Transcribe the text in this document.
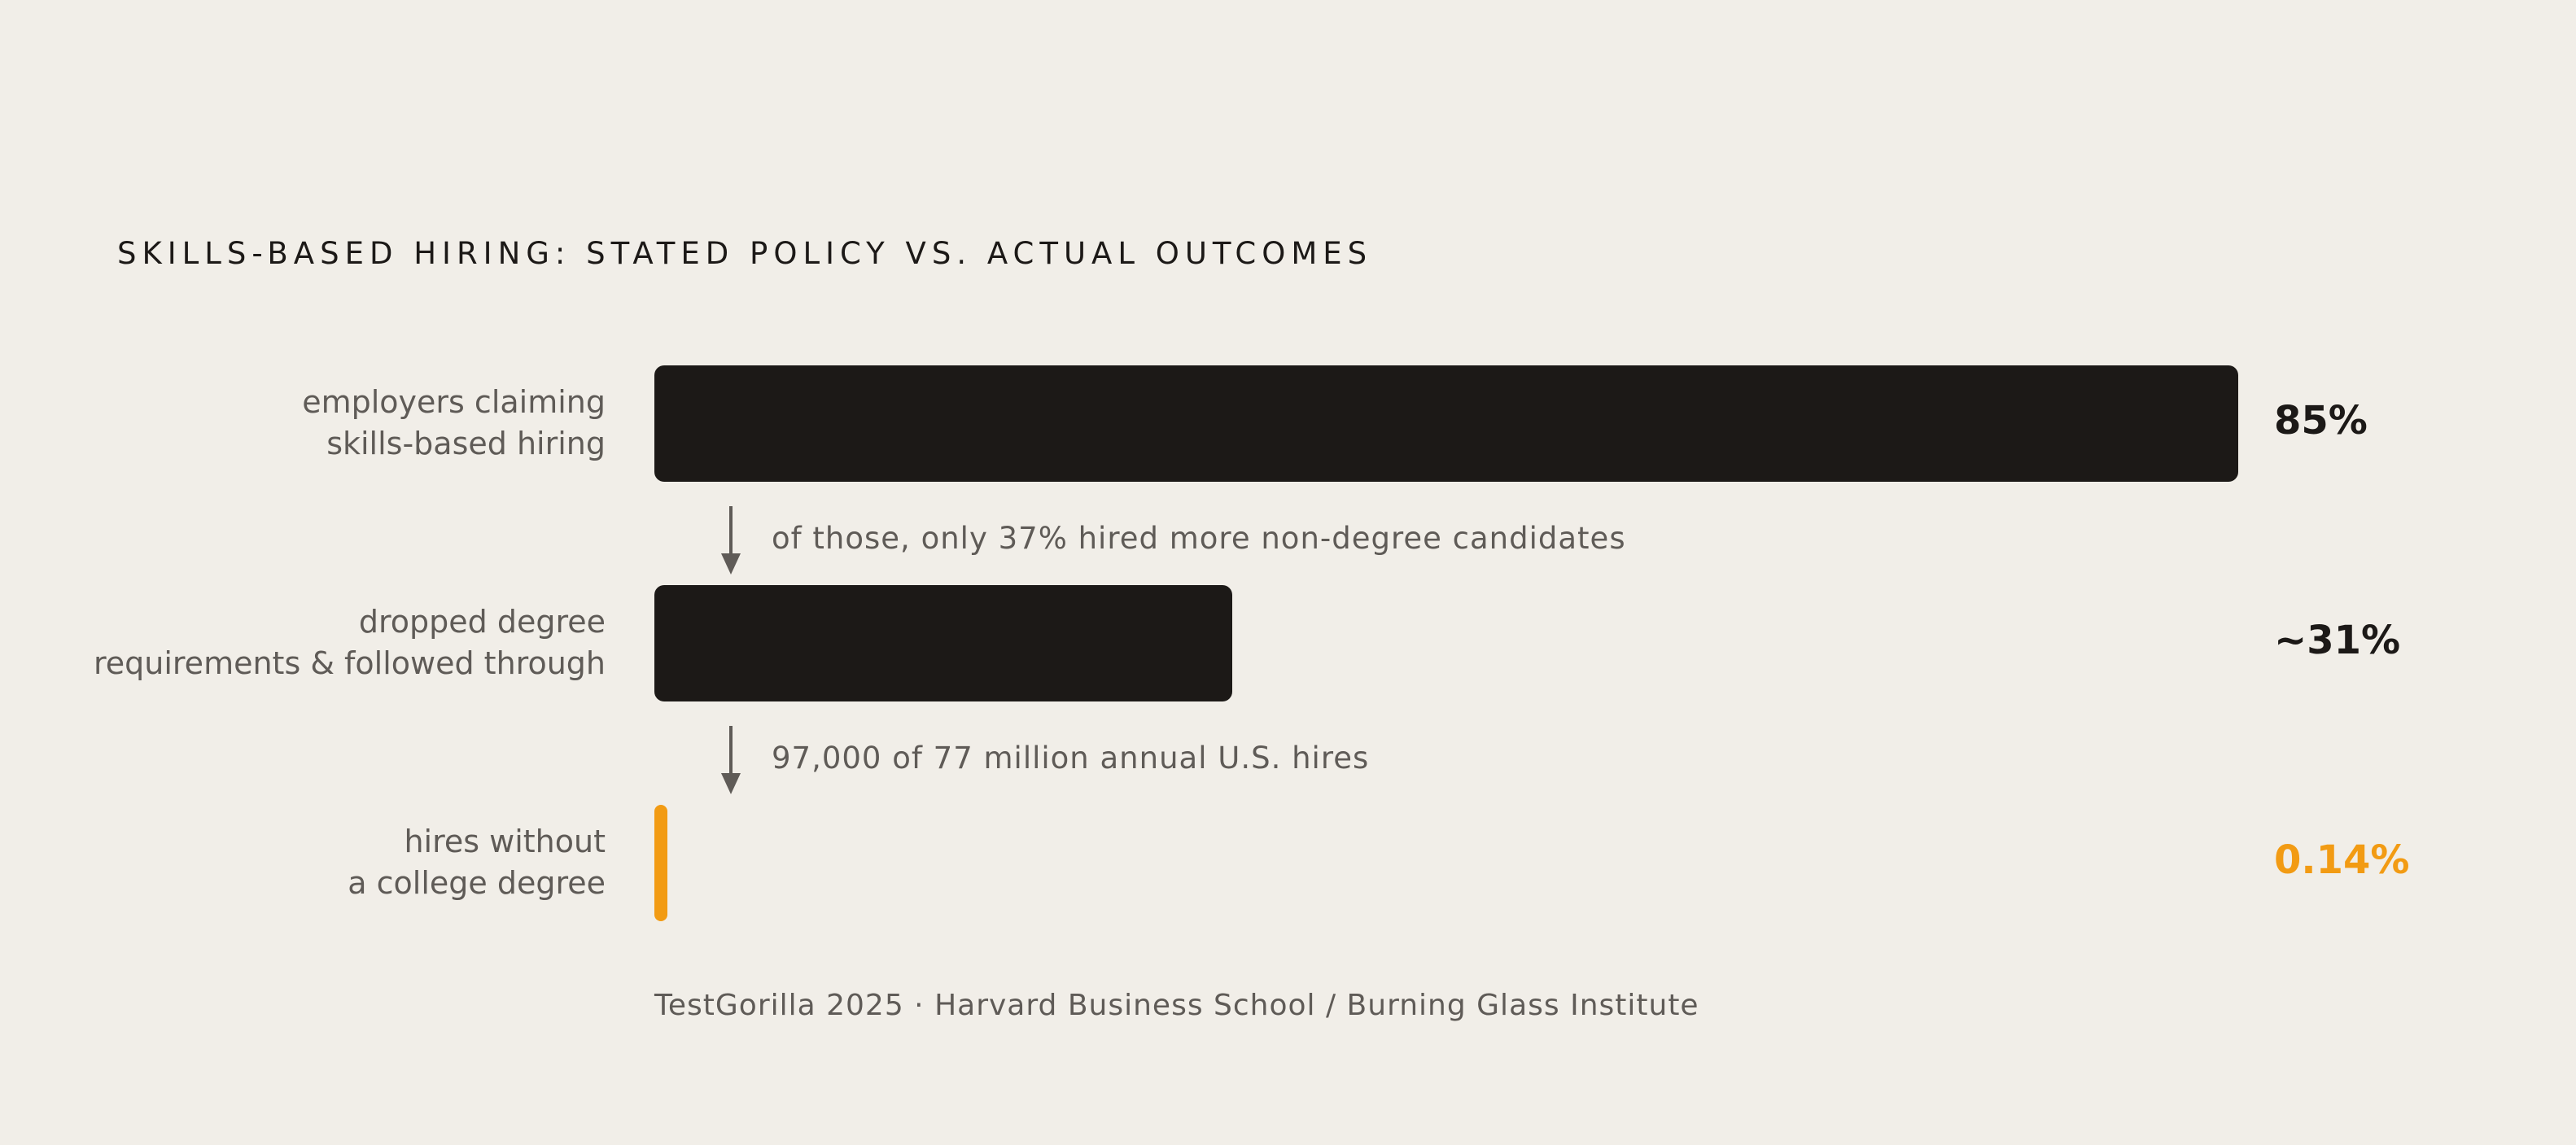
SKILLS-BASED HIRING: STATED POLICY VS. ACTUAL OUTCOMES
employers claiming
skills-based hiring	85%
of those, only 37% hired more non-degree candidates
dropped degree
requirements & followed through	~31%
97,000 of 77 million annual U.S. hires
hires without
a college degree	0.14%
TestGorilla 2025 · Harvard Business School / Burning Glass Institute
